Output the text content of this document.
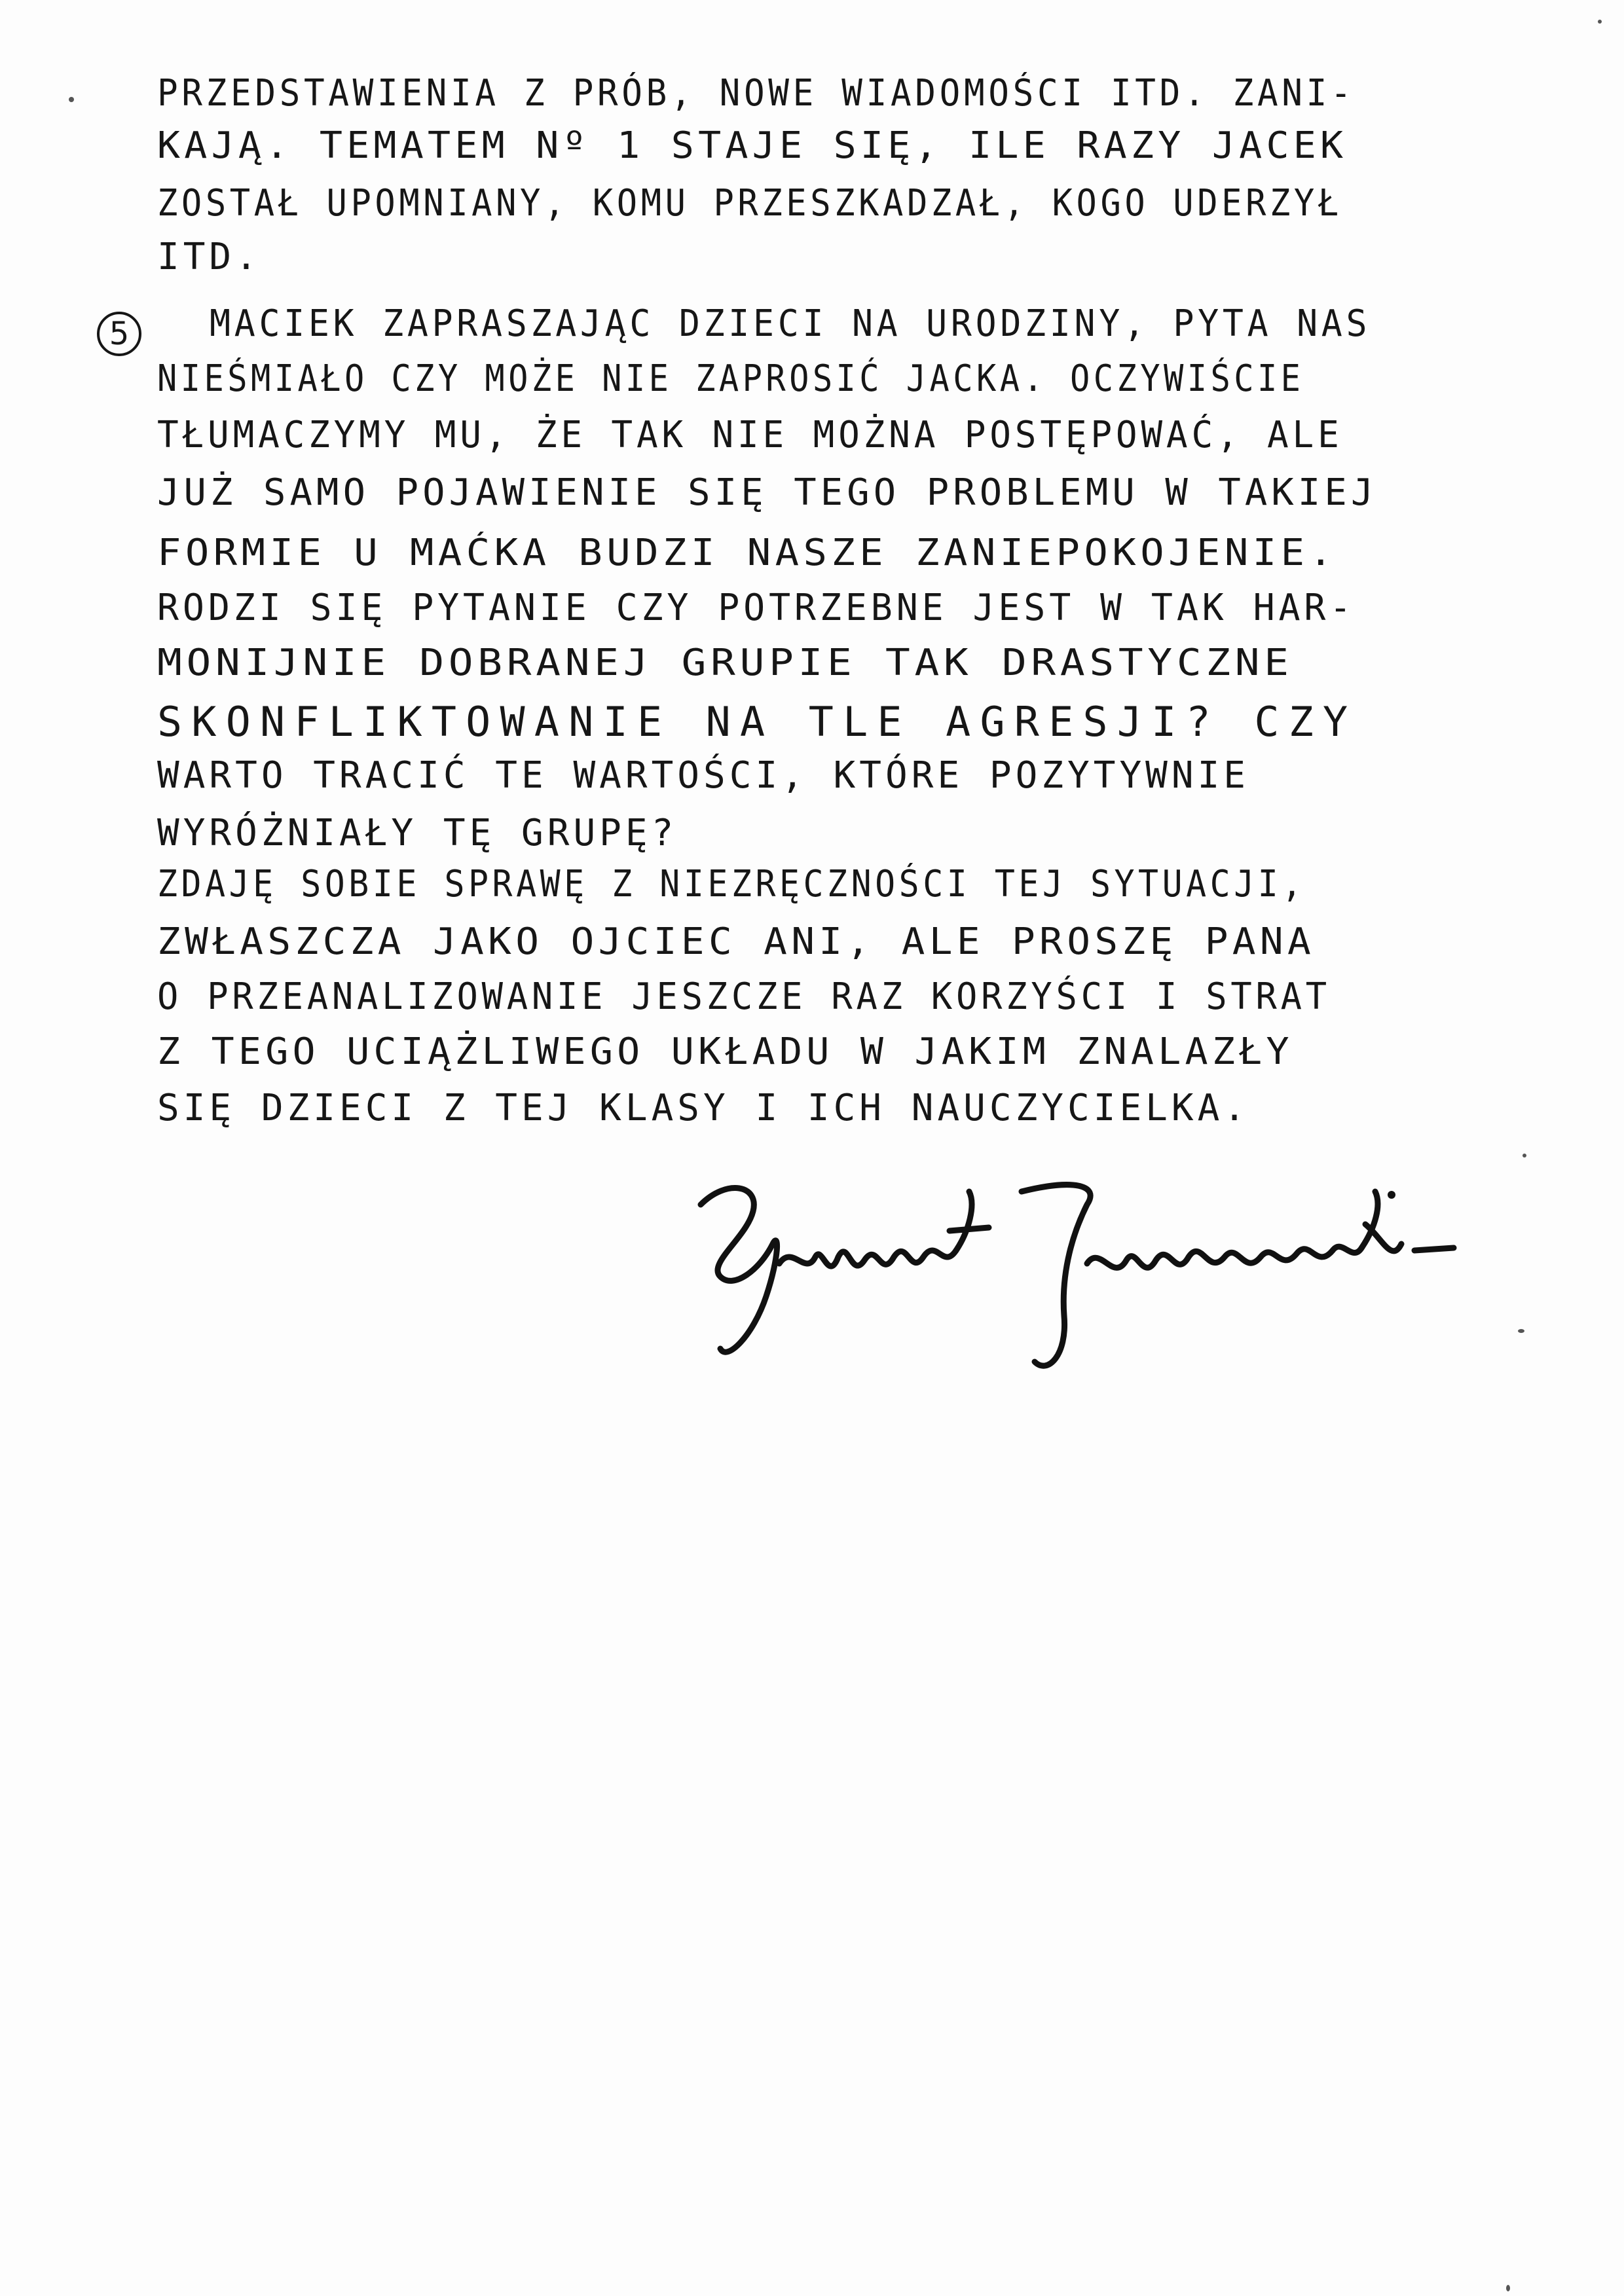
PRZEDSTAWIENIA Z PRÓB, NOWE WIADOMOŚCI ITD. ZANI-
KAJĄ. TEMATEM Nº 1 STAJE SIĘ, ILE RAZY JACEK
ZOSTAŁ UPOMNIANY, KOMU PRZESZKADZAŁ, KOGO UDERZYŁ
ITD.
5	MACIEK ZAPRASZAJĄC DZIECI NA URODZINY, PYTA NAS
NIEŚMIAŁO CZY MOŻE NIE ZAPROSIĆ JACKA. OCZYWIŚCIE
TŁUMACZYMY MU, ŻE TAK NIE MOŻNA POSTĘPOWAĆ, ALE
JUŻ SAMO POJAWIENIE SIĘ TEGO PROBLEMU W TAKIEJ
FORMIE U MAĆKA BUDZI NASZE ZANIEPOKOJENIE.
RODZI SIĘ PYTANIE CZY POTRZEBNE JEST W TAK HAR-
MONIJNIE DOBRANEJ GRUPIE TAK DRASTYCZNE
SKONFLIKTOWANIE NA TLE AGRESJI? CZY
WARTO TRACIĆ TE WARTOŚCI, KTÓRE POZYTYWNIE
WYRÓŻNIAŁY TĘ GRUPĘ?
ZDAJĘ SOBIE SPRAWĘ Z NIEZRĘCZNOŚCI TEJ SYTUACJI,
ZWŁASZCZA JAKO OJCIEC ANI, ALE PROSZĘ PANA
O PRZEANALIZOWANIE JESZCZE RAZ KORZYŚCI I STRAT
Z TEGO UCIĄŻLIWEGO UKŁADU W JAKIM ZNALAZŁY
SIĘ DZIECI Z TEJ KLASY I ICH NAUCZYCIELKA.
